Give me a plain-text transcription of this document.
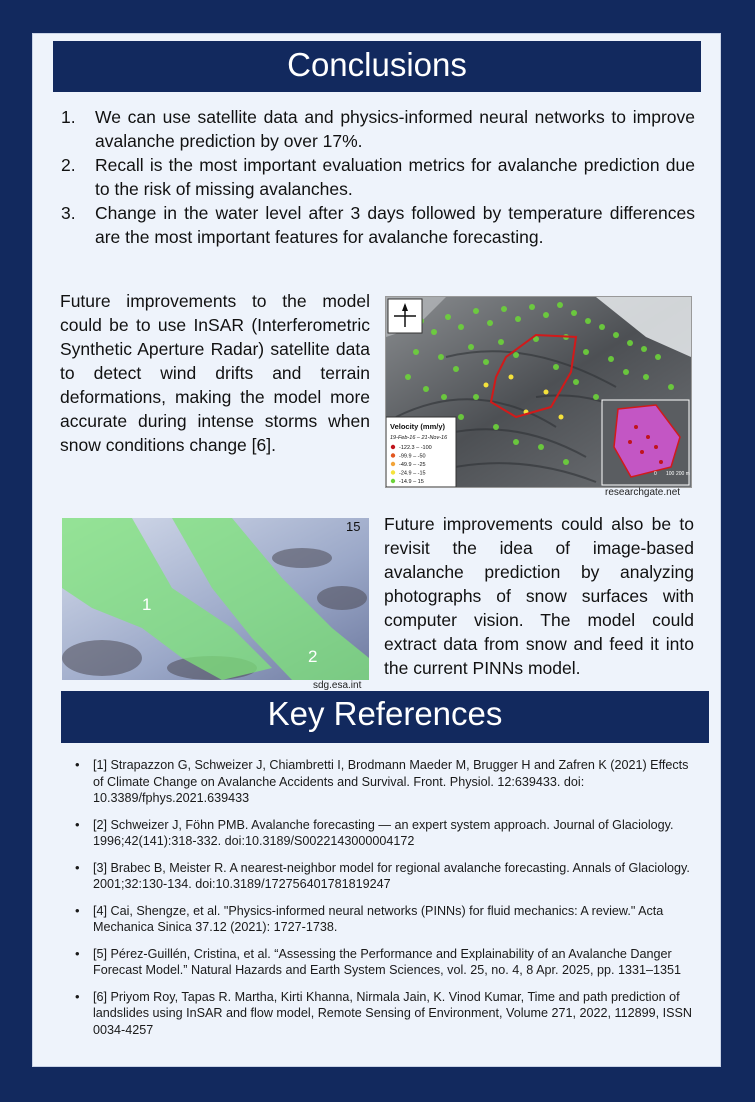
Conclusions
1. We can use satellite data and physics-informed neural networks to improve avalanche prediction by over 17%.
2. Recall is the most important evaluation metrics for avalanche prediction due to the risk of missing avalanches.
3. Change in the water level after 3 days followed by temperature differences are the most important features for avalanche forecasting.

Future improvements to the model could be to use InSAR (Interferometric Synthetic Aperture Radar) satellite data to detect wind drifts and terrain deformations, making the model more accurate during intense storms when snow conditions change [6].

Velocity (mm/y)
19-Feb-16 – 21-Nov-16
-122.3 – -100
-99.9 – -50
-49.9 – -25
-24.9 – -15
-14.9 – 15
0 100 200 m
researchgate.net
1
2
15
sdg.esa.int

Future improvements could also be to revisit the idea of image-based avalanche prediction by analyzing photographs of snow surfaces with computer vision. The model could extract data from snow and feed it into the current PINNs model.

Key References
• [1] Strapazzon G, Schweizer J, Chiambretti I, Brodmann Maeder M, Brugger H and Zafren K (2021) Effects of Climate Change on Avalanche Accidents and Survival. Front. Physiol. 12:639433. doi: 10.3389/fphys.2021.639433
• [2] Schweizer J, Föhn PMB. Avalanche forecasting — an expert system approach. Journal of Glaciology. 1996;42(141):318-332. doi:10.3189/S0022143000004172
• [3] Brabec B, Meister R. A nearest-neighbor model for regional avalanche forecasting. Annals of Glaciology. 2001;32:130-134. doi:10.3189/172756401781819247
• [4] Cai, Shengze, et al. "Physics-informed neural networks (PINNs) for fluid mechanics: A review." Acta Mechanica Sinica 37.12 (2021): 1727-1738.
• [5] Pérez-Guillén, Cristina, et al. “Assessing the Performance and Explainability of an Avalanche Danger Forecast Model.” Natural Hazards and Earth System Sciences, vol. 25, no. 4, 8 Apr. 2025, pp. 1331–1351
• [6] Priyom Roy, Tapas R. Martha, Kirti Khanna, Nirmala Jain, K. Vinod Kumar, Time and path prediction of landslides using InSAR and flow model, Remote Sensing of Environment, Volume 271, 2022, 112899, ISSN 0034-4257
